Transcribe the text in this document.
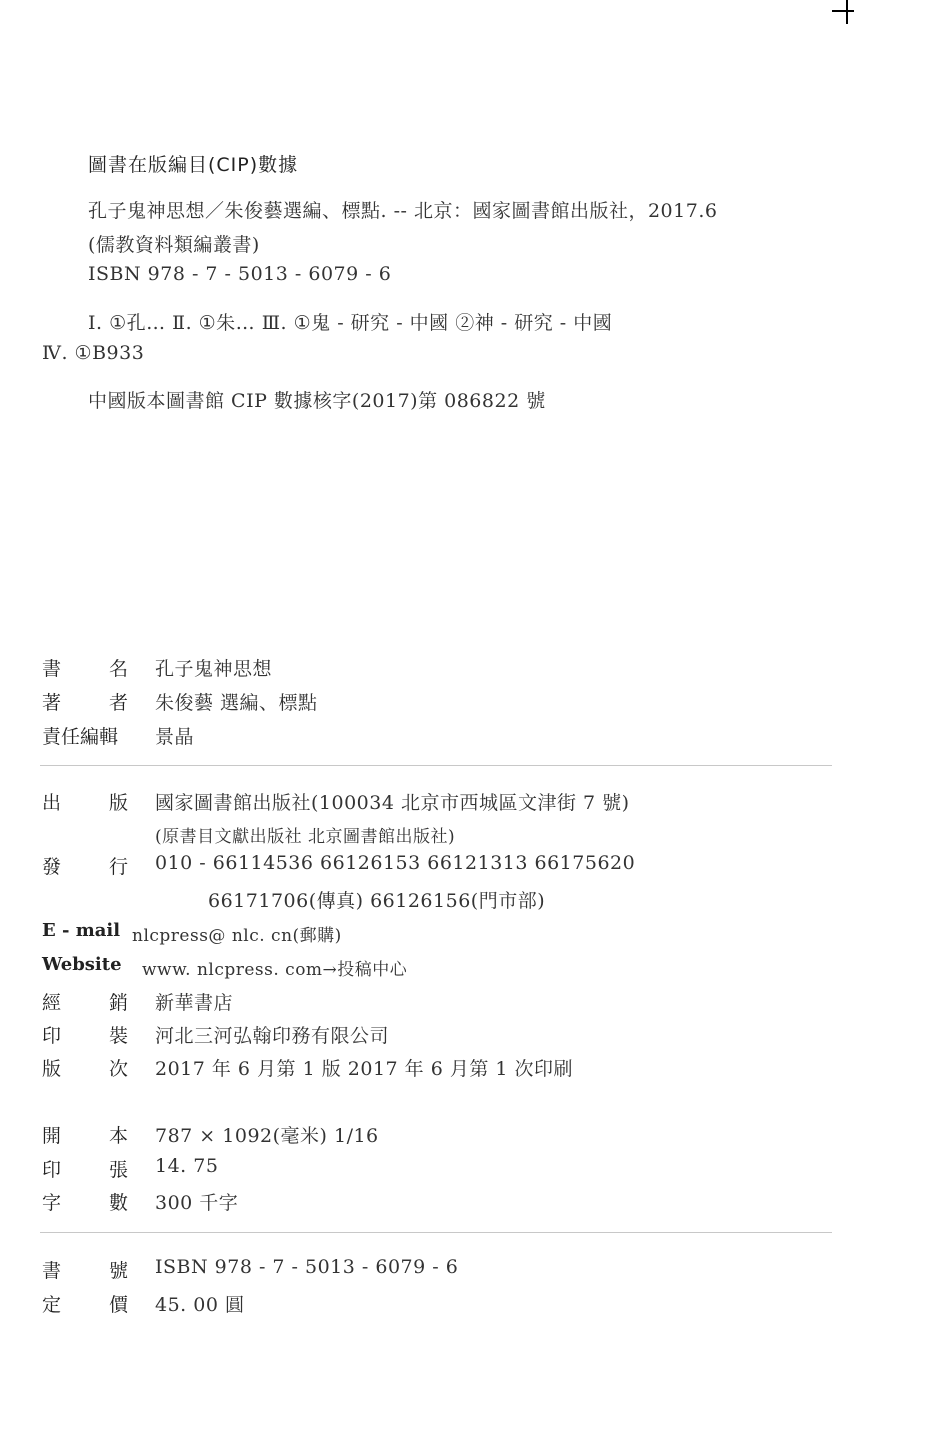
圖書在版編目(CIP)數據
孔子鬼神思想／朱俊藝選編、標點. -- 北京：國家圖書館出版社，2017.6
(儒教資料類編叢書)
ISBN 978 - 7 - 5013 - 6079 - 6
Ⅰ. ①孔… Ⅱ. ①朱… Ⅲ. ①鬼 - 研究 - 中國 ②神 - 研究 - 中國
Ⅳ. ①B933
中國版本圖書館 CIP 數據核字(2017)第 086822 號
書	名 孔子鬼神思想
著	者 朱俊藝 選編、標點
責任編輯 景晶
出	版 國家圖書館出版社(100034 北京市西城區文津街 7 號)
(原書目文獻出版社 北京圖書館出版社)
發	行 010 - 66114536 66126153 66121313 66175620
66171706(傳真) 66126156(門市部)
E - mail nlcpress@ nlc. cn(郵購)
Website www. nlcpress. com→投稿中心
經	銷 新華書店
印	裝 河北三河弘翰印務有限公司
版	次 2017 年 6 月第 1 版 2017 年 6 月第 1 次印刷
開	本 787 × 1092(毫米) 1/16
印	張 14. 75
字	數 300 千字
書	號 ISBN 978 - 7 - 5013 - 6079 - 6
定	價 45. 00 圓
